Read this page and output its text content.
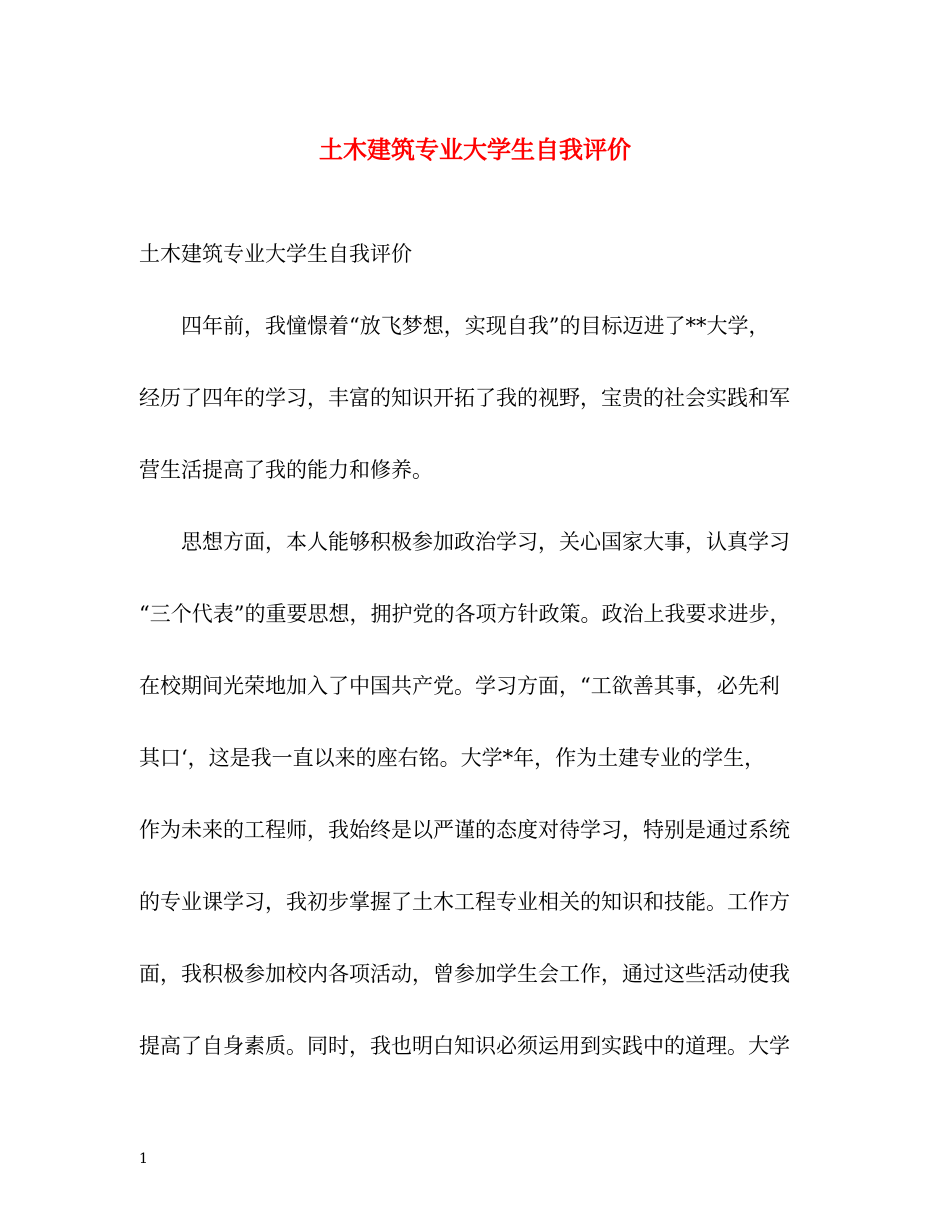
土木建筑专业大学生自我评价
土木建筑专业大学生自我评价
四年前，我憧憬着“放飞梦想，实现自我”的目标迈进了**大学，
经历了四年的学习，丰富的知识开拓了我的视野，宝贵的社会实践和军
营生活提高了我的能力和修养。
思想方面，本人能够积极参加政治学习，关心国家大事，认真学习
“三个代表”的重要思想，拥护党的各项方针政策。政治上我要求进步，
在校期间光荣地加入了中国共产党。学习方面，“工欲善其事，必先利
其口‘，这是我一直以来的座右铭。大学*年，作为土建专业的学生，
作为未来的工程师，我始终是以严谨的态度对待学习，特别是通过系统
的专业课学习，我初步掌握了土木工程专业相关的知识和技能。工作方
面，我积极参加校内各项活动，曾参加学生会工作，通过这些活动使我
提高了自身素质。同时，我也明白知识必须运用到实践中的道理。大学
1
